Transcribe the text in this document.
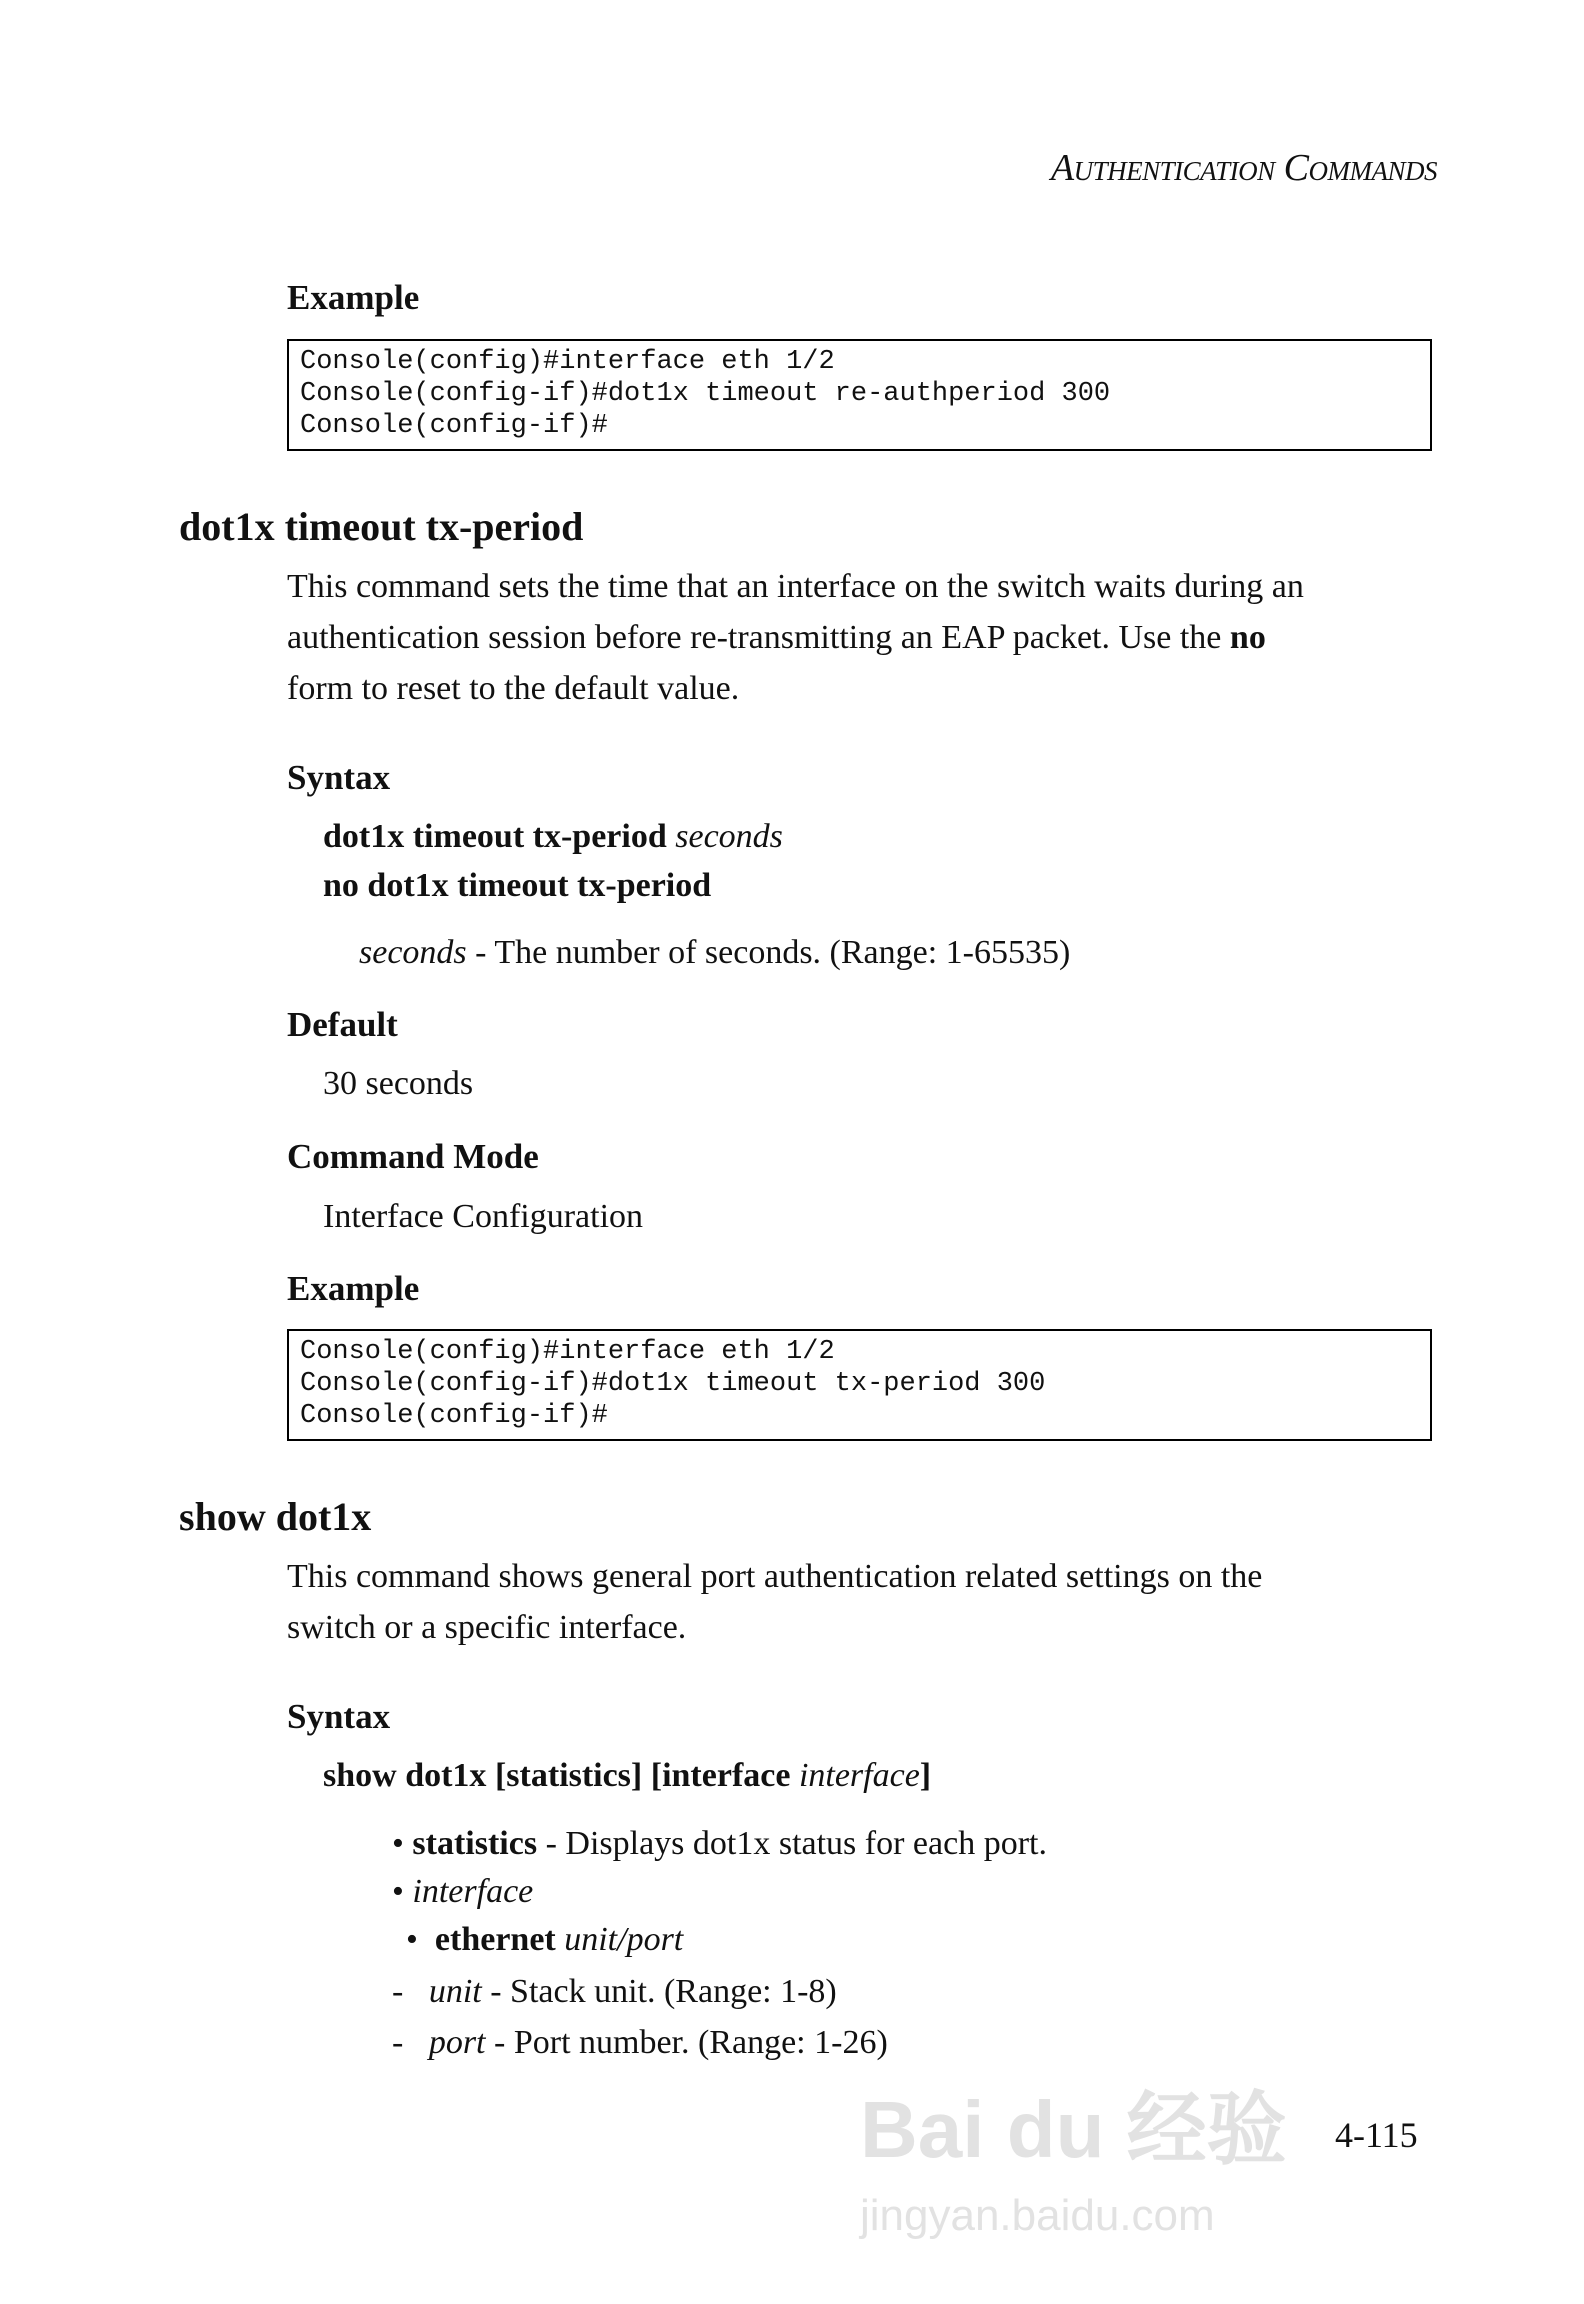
Authentication Commands
Example
Console(config)#interface eth 1/2
Console(config-if)#dot1x timeout re-authperiod 300
Console(config-if)#
dot1x timeout tx-period
This command sets the time that an interface on the switch waits during an
authentication session before re-transmitting an EAP packet. Use the no
form to reset to the default value.
Syntax
dot1x timeout tx-period seconds
no dot1x timeout tx-period
seconds - The number of seconds. (Range: 1-65535)
Default
30 seconds
Command Mode
Interface Configuration
Example
Console(config)#interface eth 1/2
Console(config-if)#dot1x timeout tx-period 300
Console(config-if)#
show dot1x
This command shows general port authentication related settings on the
switch or a specific interface.
Syntax
show dot1x [statistics] [interface interface]
• statistics - Displays dot1x status for each port.
• interface
•  ethernet unit/port
-   unit - Stack unit. (Range: 1-8)
-   port - Port number. (Range: 1-26)
Bai du 经验
jingyan.baidu.com
4-115
